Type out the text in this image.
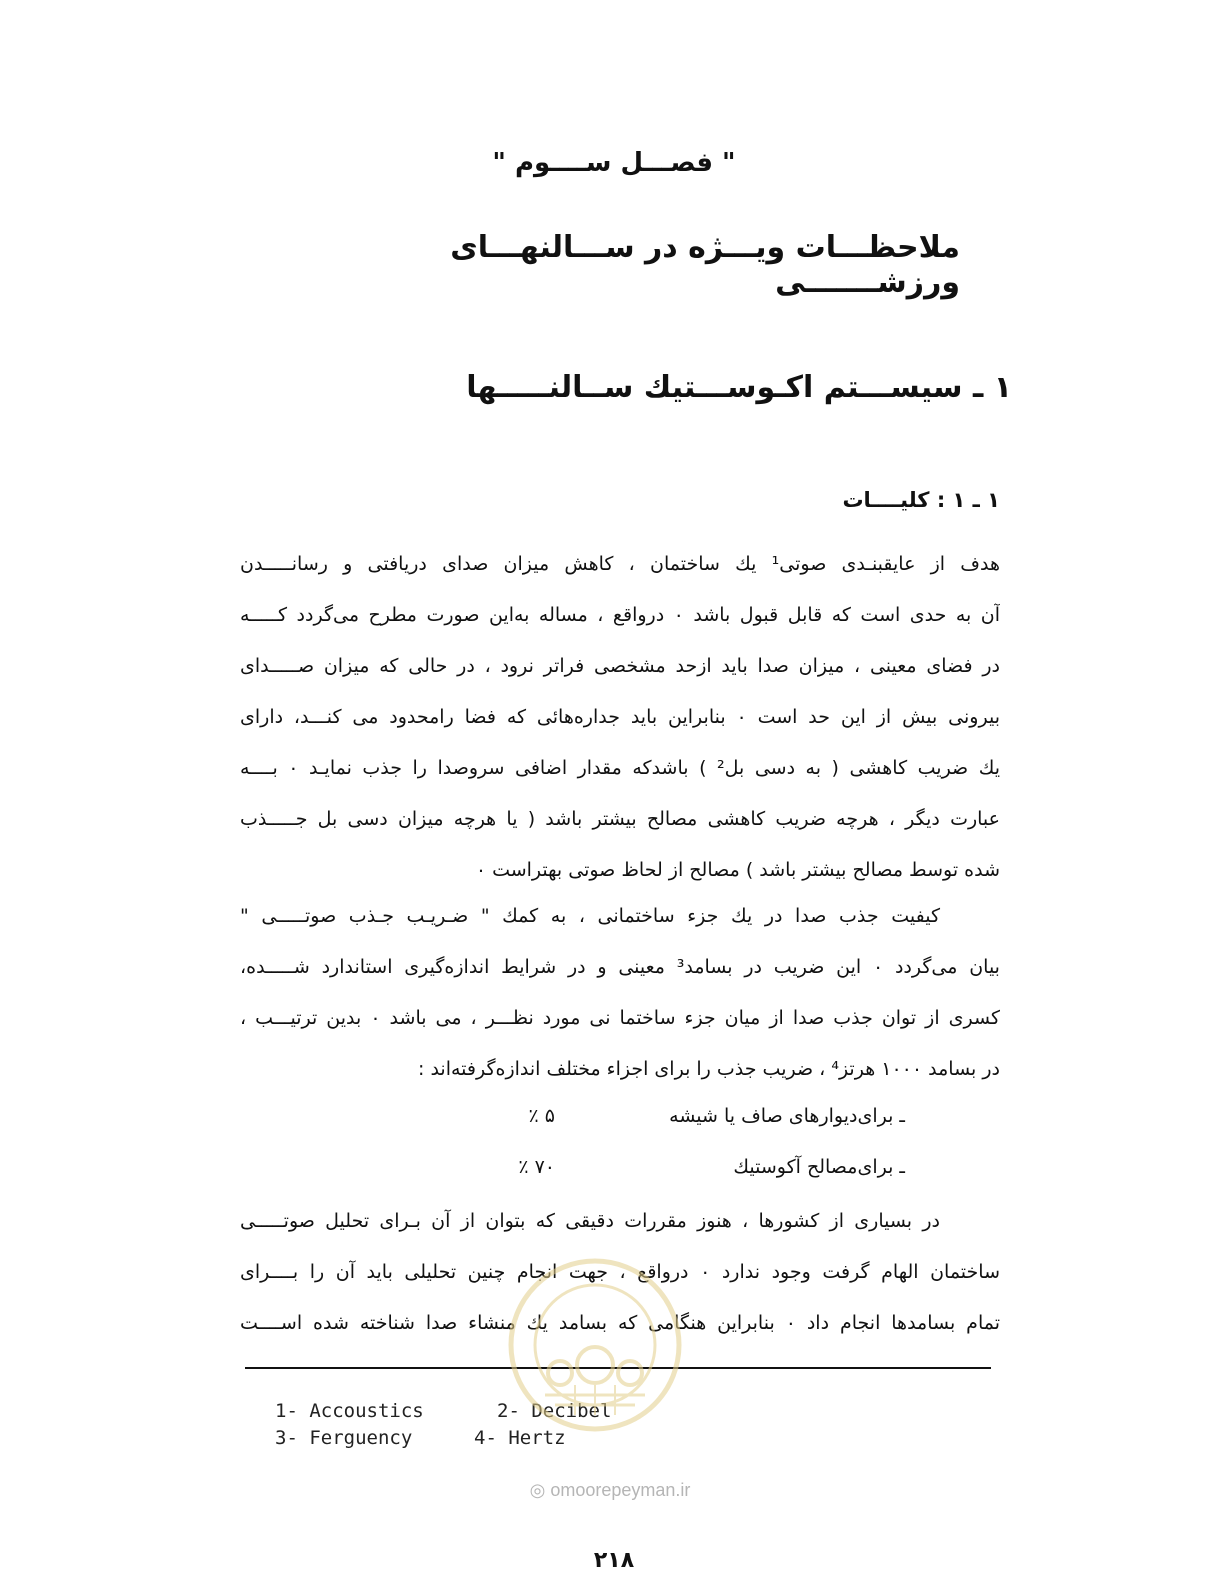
" فصـــل ســــوم "
ملاحظـــات ویـــژه در ســـالنهـــای ورزشـــــــی
۱ ـ سیســـتم اکـوســـتیك ســالنـــــها
۱ ـ ۱ : کلیــــات
هدف از عایقبنـدی صوتی¹ یك ساختمان ، کاهش میزان صدای دریافتی و رسانـــــدن
آن به حدی است که قابل قبول باشد ۰ درواقع ، مساله به‌این صورت مطرح می‌گردد کـــــه
در فضای معینی ، میزان صدا باید ازحد مشخصی فراتر نرود ، در حالی که میزان صـــــدای
بیرونی بیش از این حد است ۰ بنابراین باید جداره‌هائی که فضا رامحدود می کنـــد، دارای
یك ضریب کاهشی ( به دسی بل² ) باشدکه مقدار اضافی سروصدا را جذب نمایـد ۰ بــــه
عبارت دیگر ، هرچه ضریب کاهشی مصالح بیشتر باشد ( یا هرچه میزان دسی بل جـــــذب
شده توسط مصالح بیشتر باشد ) مصالح از لحاظ صوتی بهتراست ۰
کیفیت جذب صدا در یك جزء ساختمانی ، به کمك " ضـریـب جـذب صوتـــــی "
بیان می‌گردد ۰ این ضریب در بسامد³ معینی و در شرایط اندازه‌گیری استاندارد شـــــده،
کسری از توان جذب صدا از میان جزء ساختما نی مورد نظـــر ، می باشد ۰ بدین ترتیـــب ،
در بسامد ۱۰۰۰ هرتز⁴ ، ضریب جذب را برای اجزاء مختلف اندازه‌گرفته‌اند :
ـ برای‌دیوارهای صاف یا شیشه
۵ ٪
ـ برای‌مصالح آکوستیك
۷۰ ٪
در بسیاری از کشورها ، هنوز مقررات دقیقی که بتوان از آن بـرای تحلیل صوتـــــی
ساختمان الهام گرفت وجود ندارد ۰ درواقع ، جهت انجام چنین تحلیلی باید آن را بــــرای
تمام بسامدها انجام داد ۰ بنابراین هنگامی که بسامد یك منشاء صدا شناخته شده اســــت
1- Accoustics	2- Decibel
3- Ferguency	4- Hertz
◎ omoorepeyman.ir
۲۱۸
